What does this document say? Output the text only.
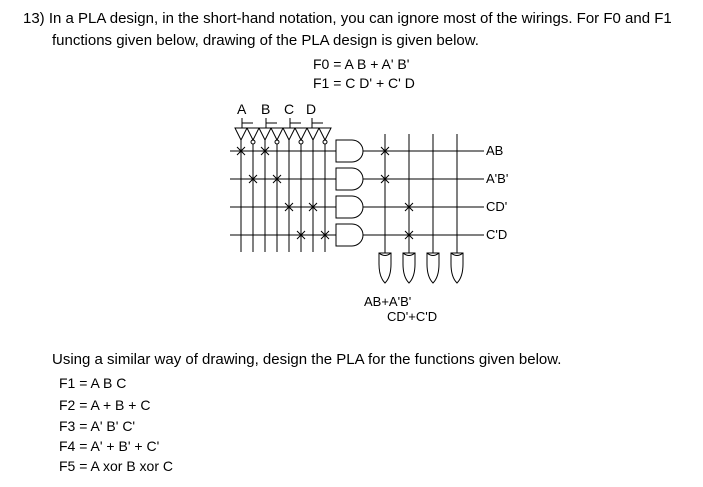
13) In a PLA design, in the short-hand notation, you can ignore most of the wirings. For F0 and F1
functions given below, drawing of the PLA design is given below.
F0 = A B + A' B'
F1 = C D' + C' D
A B C D
AB
A'B'
CD'
C'D
AB+A'B'
CD'+C'D
Using a similar way of drawing, design the PLA for the functions given below.
F1 = A B C
F2 = A + B + C
F3 = A' B' C'
F4 = A' + B' + C'
F5 = A xor B xor C
